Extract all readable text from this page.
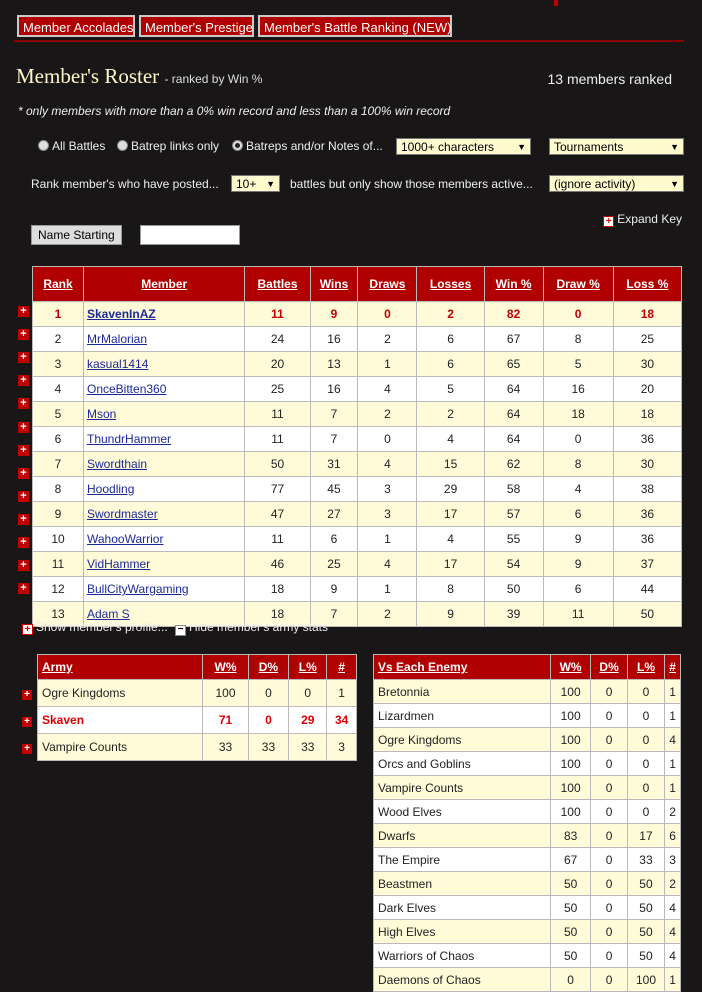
Member Accolades Member's Prestige Member's Battle Ranking (NEW)
Member's Roster - ranked by Win %	13 members ranked
* only members with more than a 0% win record and less than a 100% win record
All Battles	Batrep links only	Batreps and/or Notes of...	1000+ characters	▼	Tournaments	▼
Rank member's who have posted...	10+ ▼ battles but only show those members active...	(ignore activity)	▼
+ Expand Key
Name Starting
Rank	Member	Battles	Wins	Draws	Losses	Win %	Draw %	Loss %
1	SkavenInAZ	11	9	0	2	82	0	18
2	MrMalorian	24	16	2	6	67	8	25
3	kasual1414	20	13	1	6	65	5	30
4	OnceBitten360	25	16	4	5	64	16	20
5	Mson	11	7	2	2	64	18	18
6	ThundrHammer	11	7	0	4	64	0	36
7	Swordthain	50	31	4	15	62	8	30
8	Hoodling	77	45	3	29	58	4	38
9	Swordmaster	47	27	3	17	57	6	36
10	WahooWarrior	11	6	1	4	55	9	36
11	VidHammer	46	25	4	17	54	9	37
12	BullCityWargaming	18	9	1	8	50	6	44
13	Adam S	18	7	2	9	39	11	50
+
+
+
+
+
+
+
+
+
+
+
+
+
+ Show member's profile... − Hide member's army stats
	Army	W%	D%	L%	#
+	Ogre Kingdoms	100	0	0	1
+	Skaven	71	0	29	34
+	Vampire Counts	33	33	33	3
Vs Each Enemy	W%	D%	L%	#
Bretonnia	100	0	0	1
Lizardmen	100	0	0	1
Ogre Kingdoms	100	0	0	4
Orcs and Goblins	100	0	0	1
Vampire Counts	100	0	0	1
Wood Elves	100	0	0	2
Dwarfs	83	0	17	6
The Empire	67	0	33	3
Beastmen	50	0	50	2
Dark Elves	50	0	50	4
High Elves	50	0	50	4
Warriors of Chaos	50	0	50	4
Daemons of Chaos	0	0	100	1
